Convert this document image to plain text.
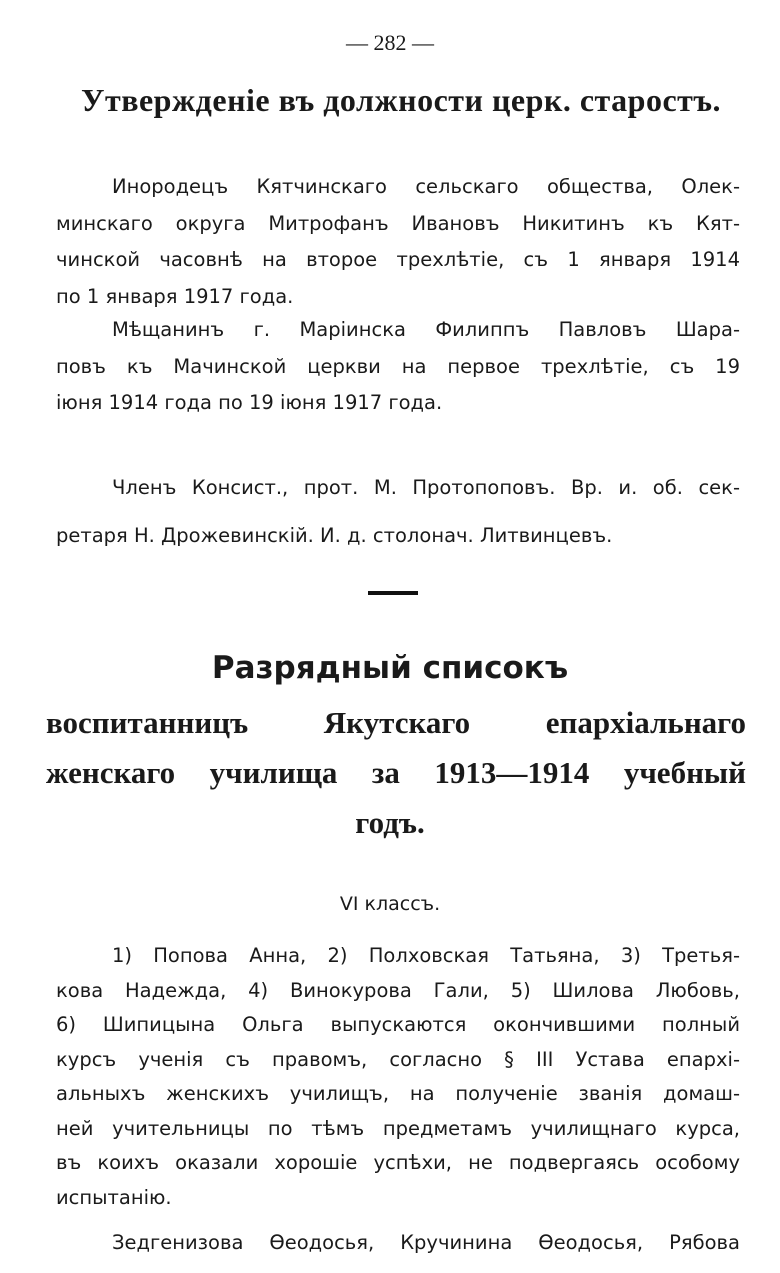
— 282 —
Утвержденіе въ должности церк. старостъ.
Инородецъ Кятчинскаго сельскаго общества, Олек-
минскаго округа Митрофанъ Ивановъ Никитинъ къ Кят-
чинской часовнѣ на второе трехлѣтіе, съ 1 января 1914
по 1 января 1917 года.
Мѣщанинъ г. Маріинска Филиппъ Павловъ Шара-
повъ къ Мачинской церкви на первое трехлѣтіе, съ 19
іюня 1914 года по 19 іюня 1917 года.
Членъ Консист., прот. М. Протопоповъ. Вр. и. об. сек-
ретаря Н. Дрожевинскій. И. д. столонач. Литвинцевъ.
Разрядный списокъ
воспитанницъ Якутскаго епархіальнаго
женскаго училища за 1913—1914 учебный
годъ.
VI классъ.
1) Попова Анна, 2) Полховская Татьяна, 3) Третья-
кова Надежда, 4) Винокурова Гали, 5) Шилова Любовь,
6) Шипицына Ольга выпускаются окончившими полный
курсъ ученія съ правомъ, согласно § III Устава епархі-
альныхъ женскихъ училищъ, на полученіе званія домаш-
ней учительницы по тѣмъ предметамъ училищнаго курса,
въ коихъ оказали хорошіе успѣхи, не подвергаясь особому
испытанію.
Зедгенизова Өеодосья, Кручинина Өеодосья, Рябова
